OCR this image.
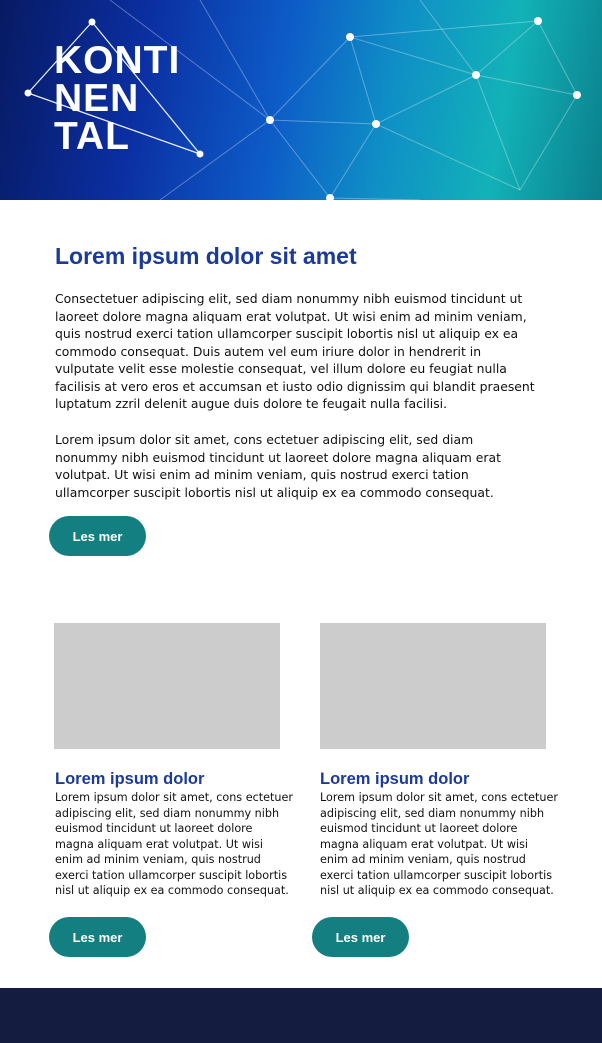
KONTI
NEN
TAL
Lorem ipsum dolor sit amet

Consectetuer adipiscing elit, sed diam nonummy nibh euismod tincidunt ut laoreet dolore magna aliquam erat volutpat. Ut wisi enim ad minim veniam, quis nostrud exerci tation ullamcorper suscipit lobortis nisl ut aliquip ex ea commodo consequat. Duis autem vel eum iriure dolor in hendrerit in vulputate velit esse molestie consequat, vel illum dolore eu feugiat nulla facilisis at vero eros et accumsan et iusto odio dignissim qui blandit praesent luptatum zzril delenit augue duis dolore te feugait nulla facilisi.

Lorem ipsum dolor sit amet, cons ectetuer adipiscing elit, sed diam nonummy nibh euismod tincidunt ut laoreet dolore magna aliquam erat volutpat. Ut wisi enim ad minim veniam, quis nostrud exerci tation ullamcorper suscipit lobortis nisl ut aliquip ex ea commodo consequat.

Les mer
Lorem ipsum dolor	Lorem ipsum dolor

Lorem ipsum dolor sit amet, cons ectetuer adipiscing elit, sed diam nonummy nibh euismod tincidunt ut laoreet dolore magna aliquam erat volutpat. Ut wisi enim ad minim veniam, quis nostrud exerci tation ullamcorper suscipit lobortis nisl ut aliquip ex ea commodo consequat.

Lorem ipsum dolor sit amet, cons ectetuer adipiscing elit, sed diam nonummy nibh euismod tincidunt ut laoreet dolore magna aliquam erat volutpat. Ut wisi enim ad minim veniam, quis nostrud exerci tation ullamcorper suscipit lobortis nisl ut aliquip ex ea commodo consequat.

Les mer	Les mer
